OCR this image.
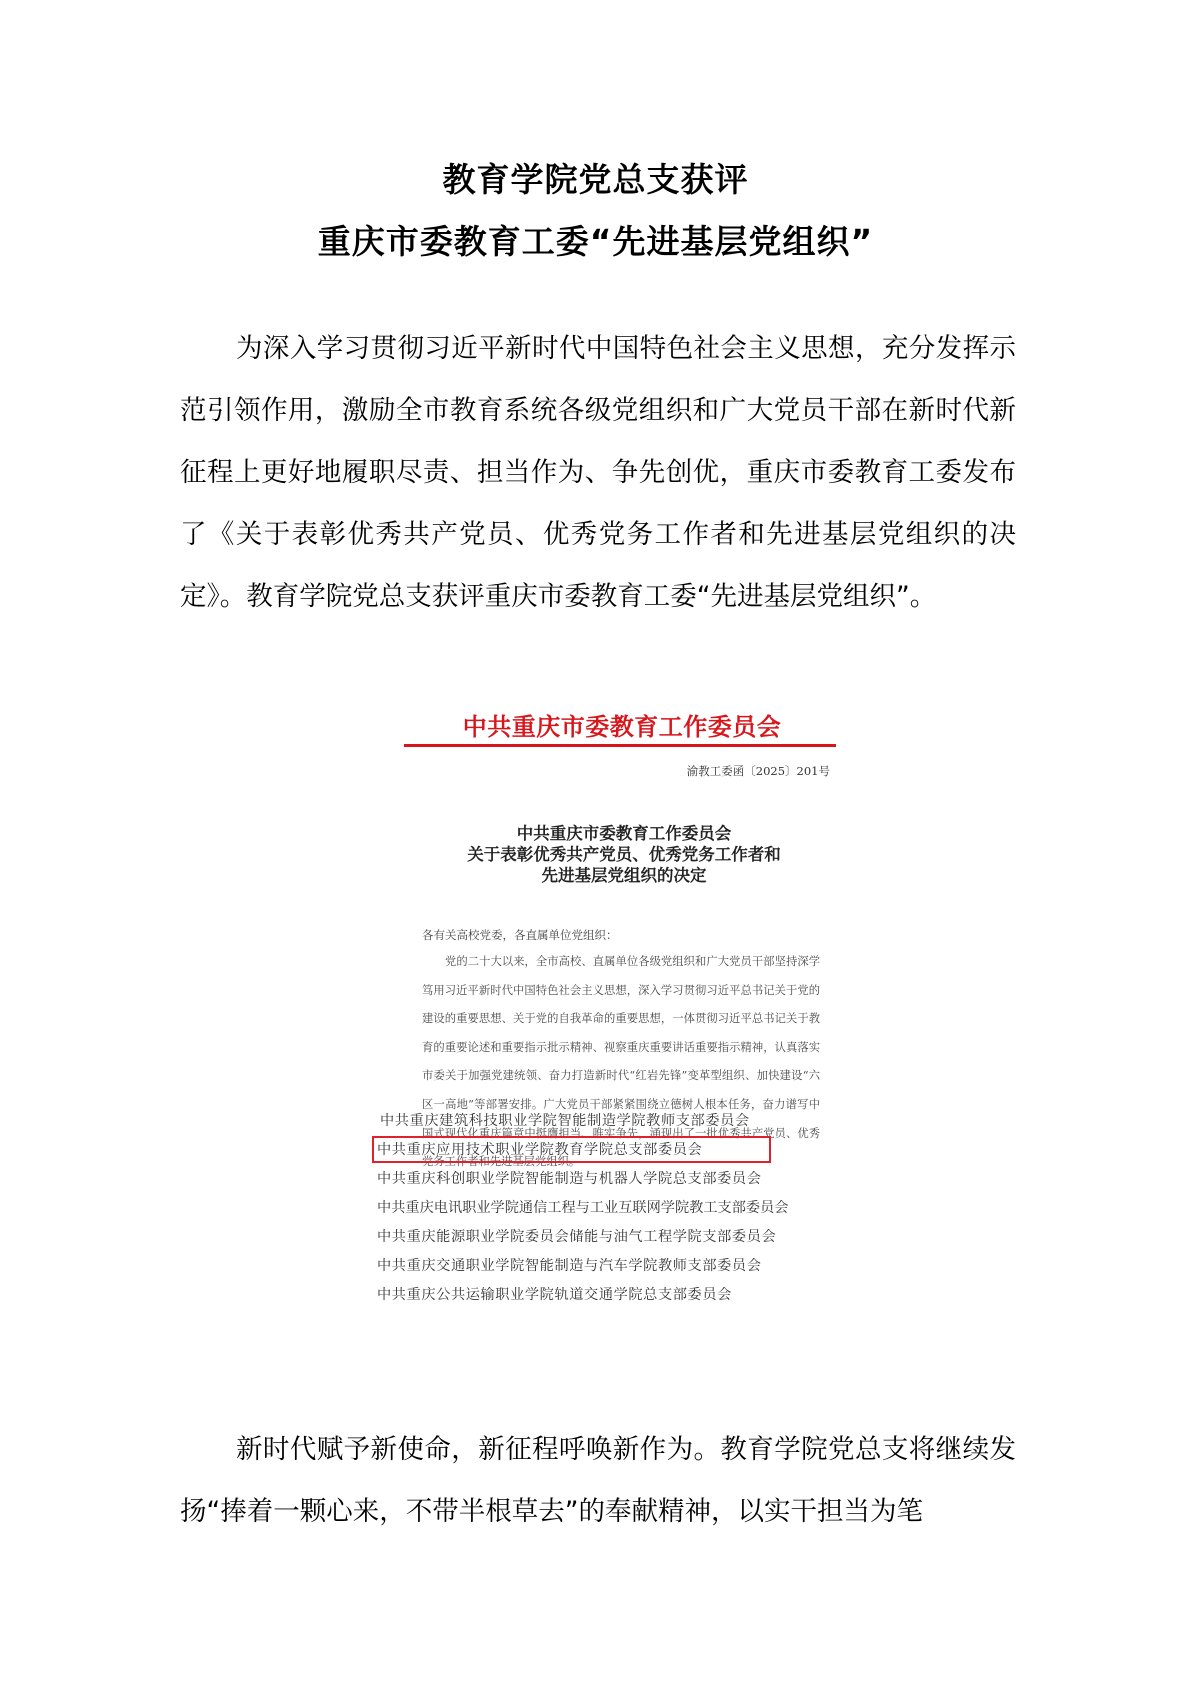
教育学院党总支获评
重庆市委教育工委“先进基层党组织”

为深入学习贯彻习近平新时代中国特色社会主义思想，充分发挥示范引领作用，激励全市教育系统各级党组织和广大党员干部在新时代新征程上更好地履职尽责、担当作为、争先创优，重庆市委教育工委发布了《关于表彰优秀共产党员、优秀党务工作者和先进基层党组织的决定》。教育学院党总支获评重庆市委教育工委“先进基层党组织”。

中共重庆市委教育工作委员会
渝教工委函〔2025〕201号

中共重庆市委教育工作委员会

关于表彰优秀共产党员、优秀党务工作者和

先进基层党组织的决定

各有关高校党委，各直属单位党组织：

党的二十大以来，全市高校、直属单位各级党组织和广大党员干部坚持深学笃用习近平新时代中国特色社会主义思想，深入学习贯彻习近平总书记关于党的建设的重要思想、关于党的自我革命的重要思想，一体贯彻习近平总书记关于教育的重要论述和重要指示批示精神、视察重庆重要讲话重要指示精神，认真落实市委关于加强党建统领、奋力打造新时代“红岩先锋”变革型组织、加快建设“六区一高地”等部署安排。广大党员干部紧紧围绕立德树人根本任务，奋力谱写中国式现代化重庆篇章中挺膺担当、唯实争先，涌现出了一批优秀共产党员、优秀党务工作者和先进基层党组织。

中共重庆建筑科技职业学院智能制造学院教师支部委员会
中共重庆应用技术职业学院教育学院总支部委员会
中共重庆科创职业学院智能制造与机器人学院总支部委员会
中共重庆电讯职业学院通信工程与工业互联网学院教工支部委员会
中共重庆能源职业学院委员会储能与油气工程学院支部委员会
中共重庆交通职业学院智能制造与汽车学院教师支部委员会
中共重庆公共运输职业学院轨道交通学院总支部委员会

新时代赋予新使命，新征程呼唤新作为。教育学院党总支将继续发扬“捧着一颗心来，不带半根草去”的奉献精神，以实干担当为笔
